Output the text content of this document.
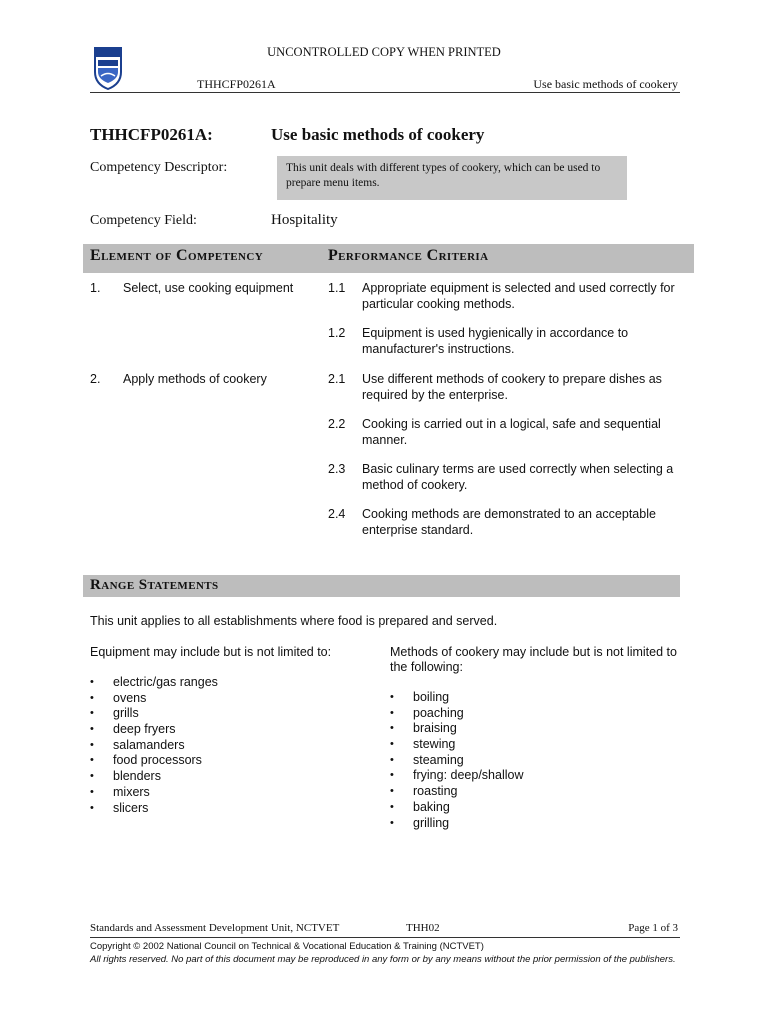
UNCONTROLLED COPY WHEN PRINTED
THHCFP0261A	Use basic methods of cookery
THHCFP0261A:	Use basic methods of cookery
Competency Descriptor:	This unit deals with different types of cookery, which can be used to prepare menu items.
Competency Field:	Hospitality
Element of Competency	Performance Criteria
1. Select, use cooking equipment	1.1 Appropriate equipment is selected and used correctly for particular cooking methods.
1.2 Equipment is used hygienically in accordance to manufacturer's instructions.
2. Apply methods of cookery	2.1 Use different methods of cookery to prepare dishes as required by the enterprise.
2.2 Cooking is carried out in a logical, safe and sequential manner.
2.3 Basic culinary terms are used correctly when selecting a method of cookery.
2.4 Cooking methods are demonstrated to an acceptable enterprise standard.
Range Statements
This unit applies to all establishments where food is prepared and served.
Equipment may include but is not limited to:	Methods of cookery may include but is not limited to the following:
• electric/gas ranges
• ovens
• grills
• deep fryers
• salamanders
• food processors
• blenders
• mixers
• slicers
• boiling
• poaching
• braising
• stewing
• steaming
• frying: deep/shallow
• roasting
• baking
• grilling
Standards and Assessment Development Unit, NCTVET	THH02	Page 1 of 3
Copyright © 2002 National Council on Technical & Vocational Education & Training (NCTVET)
All rights reserved. No part of this document may be reproduced in any form or by any means without the prior permission of the publishers.
